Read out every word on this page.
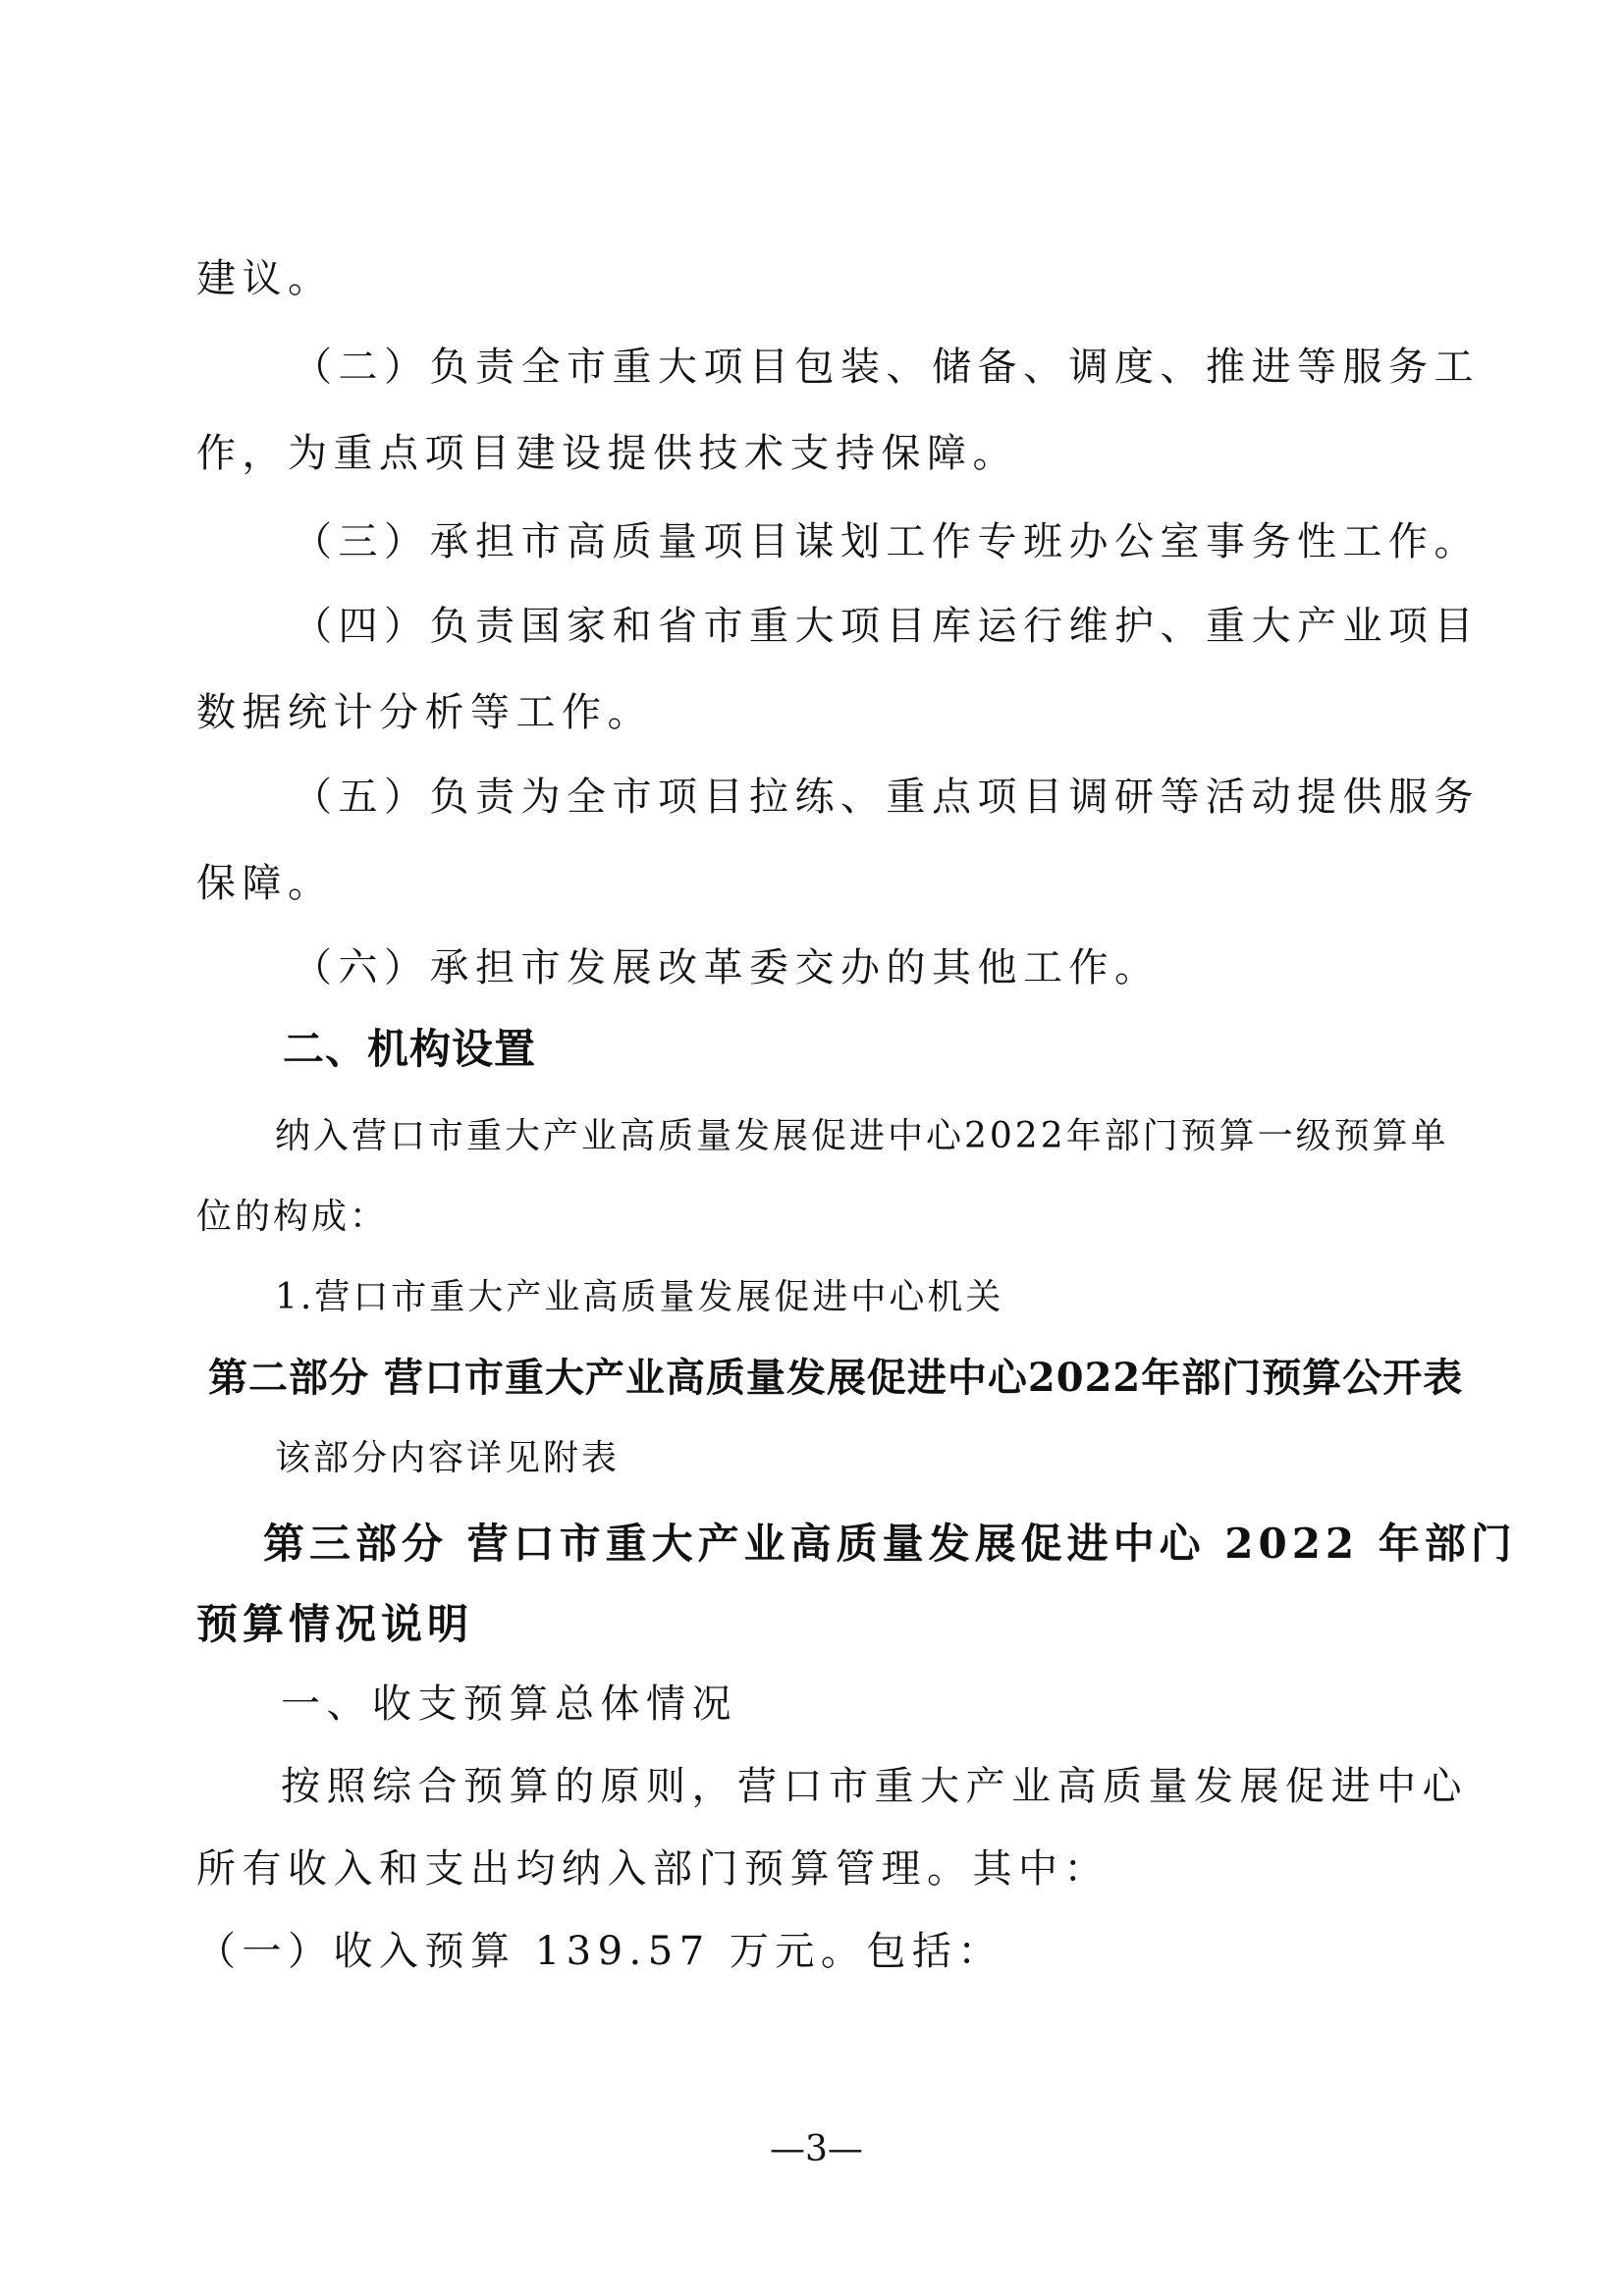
建议。
（二）负责全市重大项目包装、储备、调度、推进等服务工
作，为重点项目建设提供技术支持保障。
（三）承担市高质量项目谋划工作专班办公室事务性工作。
（四）负责国家和省市重大项目库运行维护、重大产业项目
数据统计分析等工作。
（五）负责为全市项目拉练、重点项目调研等活动提供服务
保障。
（六）承担市发展改革委交办的其他工作。
二、机构设置
纳入营口市重大产业高质量发展促进中心2022年部门预算一级预算单
位的构成：
1.营口市重大产业高质量发展促进中心机关
第二部分 营口市重大产业高质量发展促进中心2022年部门预算公开表
该部分内容详见附表
第三部分 营口市重大产业高质量发展促进中心 2022 年部门
预算情况说明
一、收支预算总体情况
按照综合预算的原则，营口市重大产业高质量发展促进中心
所有收入和支出均纳入部门预算管理。其中：
（一）收入预算 139.57 万元。包括：
—3—
